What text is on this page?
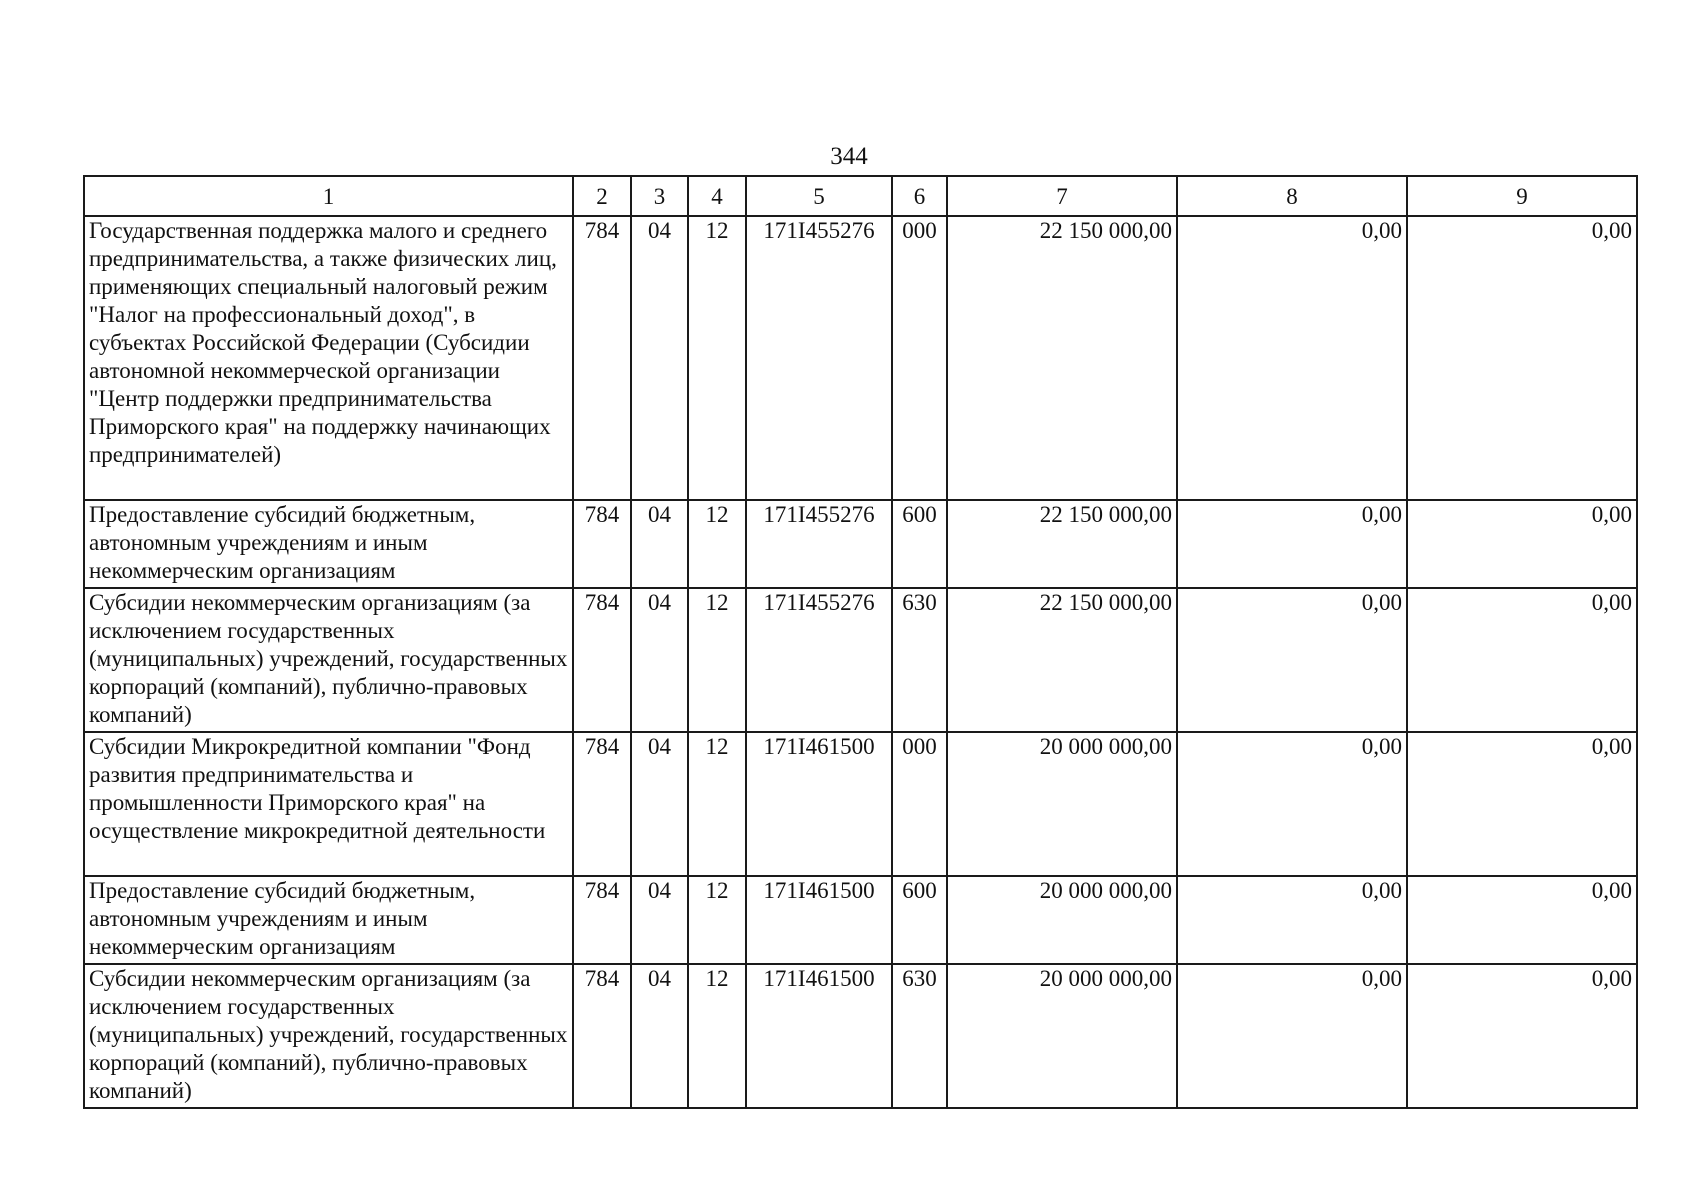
344
1	2	3	4	5	6	7	8	9
Государственная поддержка малого и среднего предпринимательства, а также физических лиц, применяющих специальный налоговый режим "Налог на профессиональный доход", в субъектах Российской Федерации (Субсидии автономной некоммерческой организации "Центр поддержки предпринимательства Приморского края" на поддержку начинающих предпринимателей)	784	04	12	171I455276	000	22 150 000,00	0,00	0,00
Предоставление субсидий бюджетным, автономным учреждениям и иным некоммерческим организациям	784	04	12	171I455276	600	22 150 000,00	0,00	0,00
Субсидии некоммерческим организациям (за исключением государственных (муниципальных) учреждений, государственных корпораций (компаний), публично-правовых компаний)	784	04	12	171I455276	630	22 150 000,00	0,00	0,00
Субсидии Микрокредитной компании "Фонд развития предпринимательства и промышленности Приморского края" на осуществление микрокредитной деятельности	784	04	12	171I461500	000	20 000 000,00	0,00	0,00
Предоставление субсидий бюджетным, автономным учреждениям и иным некоммерческим организациям	784	04	12	171I461500	600	20 000 000,00	0,00	0,00
Субсидии некоммерческим организациям (за исключением государственных (муниципальных) учреждений, государственных корпораций (компаний), публично-правовых компаний)	784	04	12	171I461500	630	20 000 000,00	0,00	0,00
